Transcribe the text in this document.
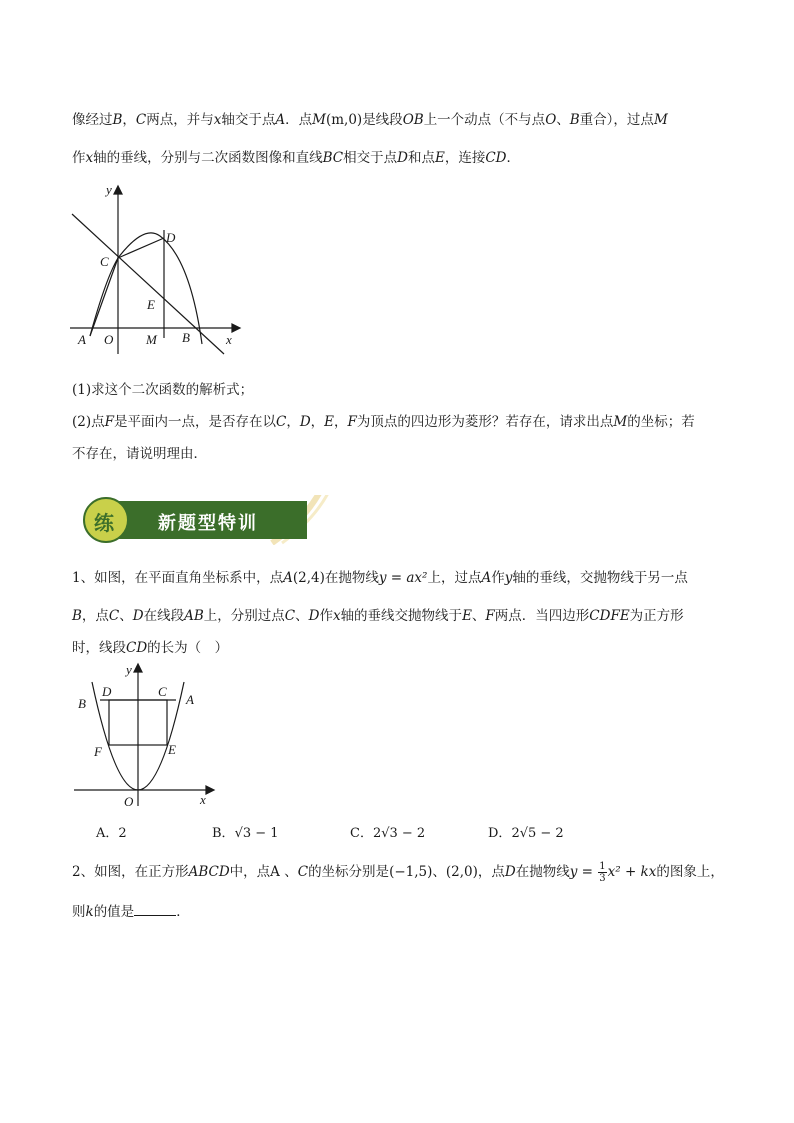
像经过B，C两点，并与x轴交于点A．点M(m,0)是线段OB上一个动点（不与点O、B重合），过点M
作x轴的垂线，分别与二次函数图像和直线BC相交于点D和点E，连接CD．
y
x
A O	M B
C
D
E
(1)求这个二次函数的解析式；
(2)点F是平面内一点，是否存在以C，D，E，F为顶点的四边形为菱形？若存在，请求出点M的坐标；若
不存在，请说明理由．
练 新题型特训
1、如图，在平面直角坐标系中，点A(2,4)在抛物线y = ax²上，过点A作y轴的垂线，交抛物线于另一点
B，点C、D在线段AB上，分别过点C、D作x轴的垂线交抛物线于E、F两点．当四边形CDFE为正方形
时，线段CD的长为（　）
y
x
O
A
B
C
D
E
F
A．2	B．√3 − 1	C．2√3 − 2	D．2√5 − 2
2、如图，在正方形ABCD中，点A 、C的坐标分别是(−1,5)、(2,0)，点D在抛物线$y = \frac{1}{3} x^2$ + kx的图象上，
则k的值是	．
